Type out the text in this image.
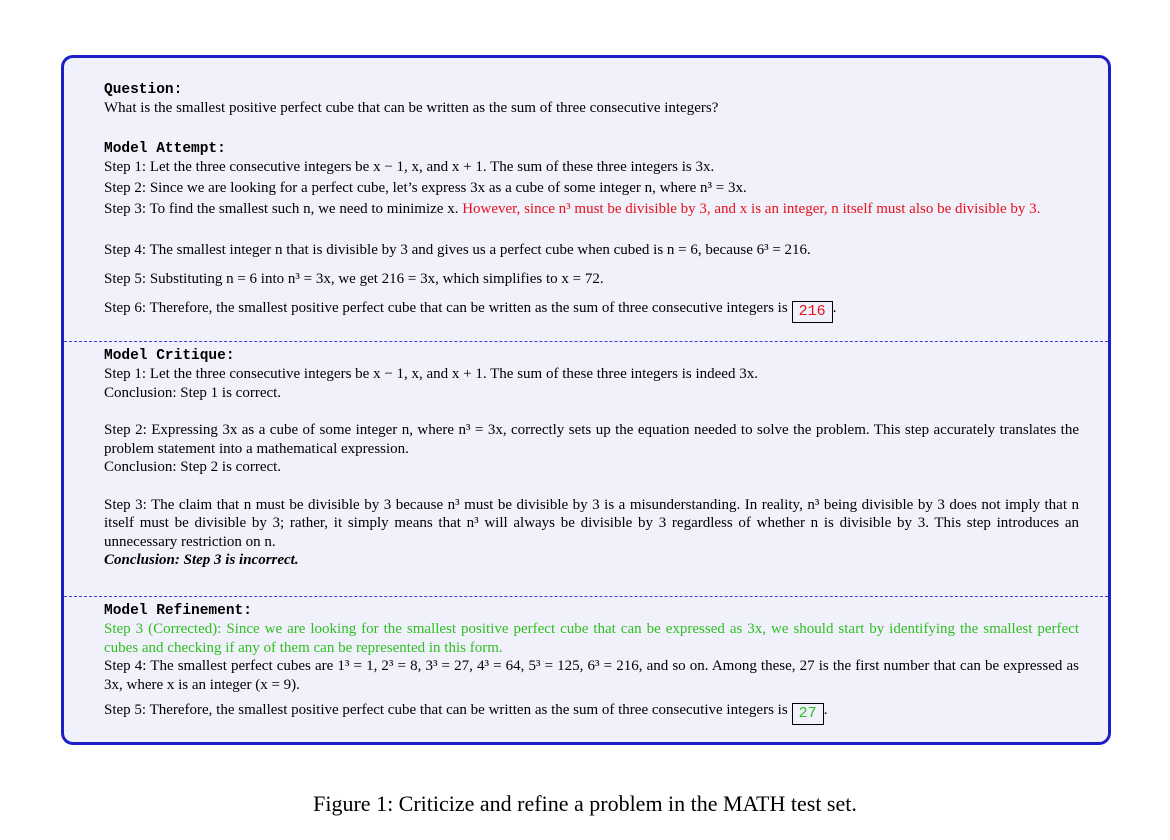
Question:
What is the smallest positive perfect cube that can be written as the sum of three consecutive integers?
Model Attempt:
Step 1: Let the three consecutive integers be x − 1, x, and x + 1. The sum of these three integers is 3x.
Step 2: Since we are looking for a perfect cube, let’s express 3x as a cube of some integer n, where n³ = 3x.
Step 3: To find the smallest such n, we need to minimize x. However, since n³ must be divisible by 3, and x is an integer, n itself must also be divisible by 3.
Step 4: The smallest integer n that is divisible by 3 and gives us a perfect cube when cubed is n = 6, because 6³ = 216.
Step 5: Substituting n = 6 into n³ = 3x, we get 216 = 3x, which simplifies to x = 72.
Step 6: Therefore, the smallest positive perfect cube that can be written as the sum of three consecutive integers is 216 .
Model Critique:
Step 1: Let the three consecutive integers be x − 1, x, and x + 1. The sum of these three integers is indeed 3x.
Conclusion: Step 1 is correct.
Step 2: Expressing 3x as a cube of some integer n, where n³ = 3x, correctly sets up the equation needed to solve the problem. This step accurately translates the problem statement into a mathematical expression.
Conclusion: Step 2 is correct.
Step 3: The claim that n must be divisible by 3 because n³ must be divisible by 3 is a misunderstanding. In reality, n³ being divisible by 3 does not imply that n itself must be divisible by 3; rather, it simply means that n³ will always be divisible by 3 regardless of whether n is divisible by 3. This step introduces an unnecessary restriction on n.
Conclusion: Step 3 is incorrect.
Model Refinement:
Step 3 (Corrected): Since we are looking for the smallest positive perfect cube that can be expressed as 3x, we should start by identifying the smallest perfect cubes and checking if any of them can be represented in this form.
Step 4: The smallest perfect cubes are 1³ = 1, 2³ = 8, 3³ = 27, 4³ = 64, 5³ = 125, 6³ = 216, and so on. Among these, 27 is the first number that can be expressed as 3x, where x is an integer (x = 9).
Step 5: Therefore, the smallest positive perfect cube that can be written as the sum of three consecutive integers is 27 .
Figure 1: Criticize and refine a problem in the MATH test set.
